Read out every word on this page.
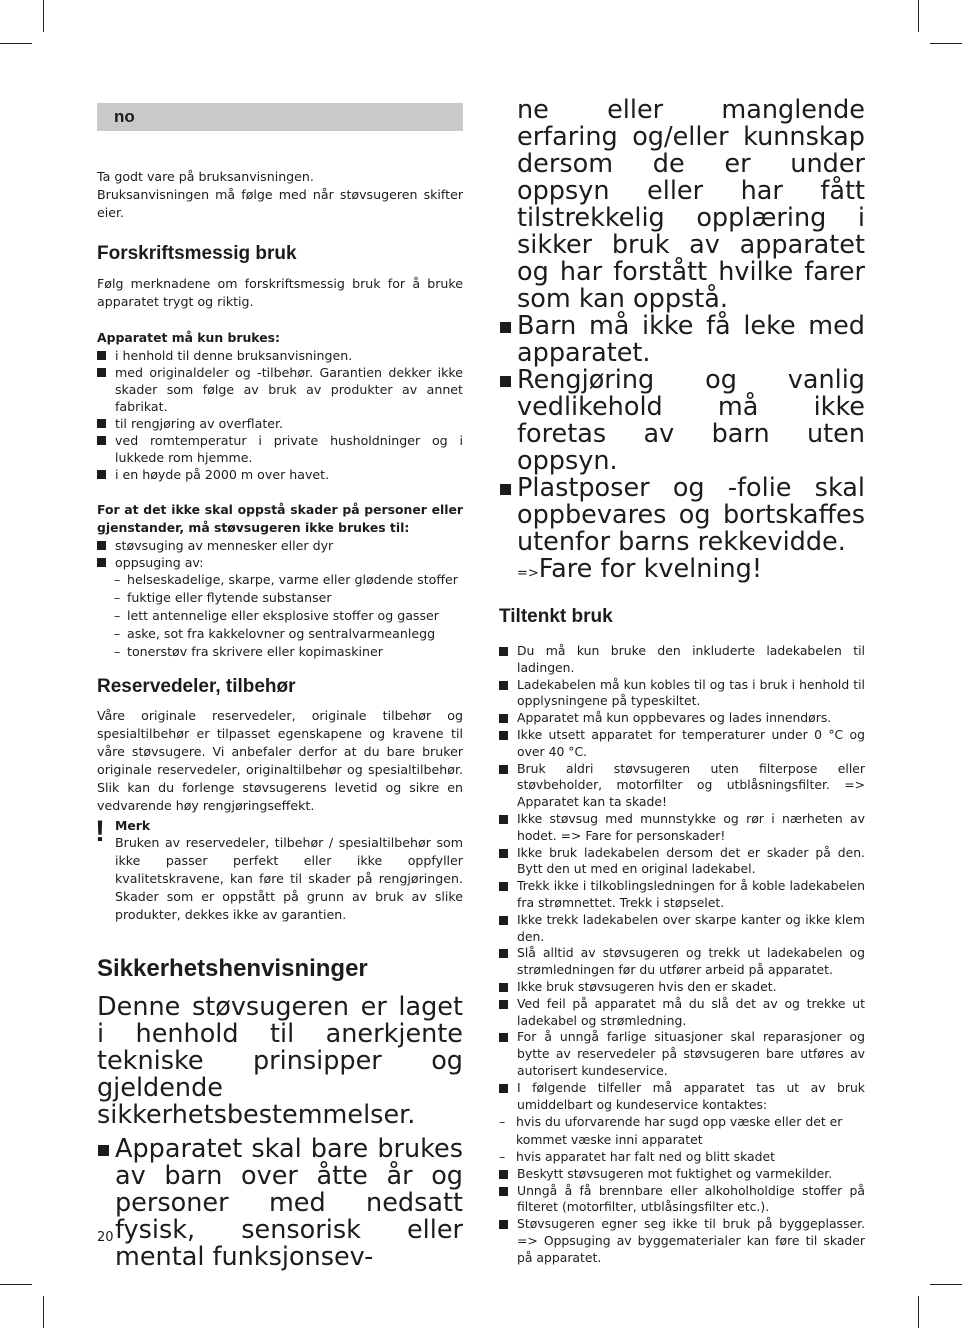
no

Ta godt vare på bruksanvisningen.

Bruksanvisningen må følge med når støvsugeren skifter eier.

Forskriftsmessig bruk

Følg merknadene om forskriftsmessig bruk for å bruke apparatet trygt og riktig.

Apparatet må kun brukes:

i henhold til denne bruksanvisningen.
med originaldeler og -tilbehør. Garantien dekker ikke skader som følge av bruk av produkter av annet fabrikat.
til rengjøring av overflater.
ved romtemperatur i private husholdninger og i lukkede rom hjemme.
i en høyde på 2000 m over havet.

For at det ikke skal oppstå skader på personer eller gjenstander, må støvsugeren ikke brukes til:

støvsuging av mennesker eller dyr
oppsuging av:
– helseskadelige, skarpe, varme eller glødende stoffer
– fuktige eller flytende substanser
– lett antennelige eller eksplosive stoffer og gasser
– aske, sot fra kakkelovner og sentralvarmeanlegg
– tonerstøv fra skrivere eller kopimaskiner
Reservedeler, tilbehør

Våre originale reservedeler, originale tilbehør og spesialtilbehør er tilpasset egenskapene og kravene til våre støvsugere. Vi anbefaler derfor at du bare bruker originale reservedeler, originaltilbehør og spesialtilbehør. Slik kan du forlenge støvsugerens levetid og sikre en vedvarende høy rengjøringseffekt.

! Merk

Bruken av reservedeler, tilbehør / spesialtilbehør som ikke passer perfekt eller ikke oppfyller kvalitetskravene, kan føre til skader på rengjøringen. Skader som er oppstått på grunn av bruk av slike produkter, dekkes ikke av garantien.

Sikkerhetshenvisninger

Denne støvsugeren er laget i henhold til anerkjente tekniske prinsipper og gjeldende sikkerhetsbestemmelser.

Apparatet skal bare brukes av barn over åtte år og personer med nedsatt fysisk, sensorisk eller mental funksjonsev-
20

ne eller manglende erfaring og/eller kunnskap dersom de er under oppsyn eller har fått tilstrekkelig opplæring i sikker bruk av apparatet og har forstått hvilke farer som kan oppstå.

Barn må ikke få leke med apparatet.
Rengjøring og vanlig vedlikehold må ikke foretas av barn uten oppsyn.
Plastposer og -folie skal oppbevares og bortskaffes utenfor barns rekkevidde.

=>Fare for kvelning!

Tiltenkt bruk
Du må kun bruke den inkluderte ladekabelen til ladingen.
Ladekabelen må kun kobles til og tas i bruk i henhold til opplysningene på typeskiltet.
Apparatet må kun oppbevares og lades innendørs.
Ikke utsett apparatet for temperaturer under 0 °C og over 40 °C.
Bruk aldri støvsugeren uten filterpose eller støvbeholder, motorfilter og utblåsningsfilter. => Apparatet kan ta skade!
Ikke støvsug med munnstykke og rør i nærheten av hodet. => Fare for personskader!
Ikke bruk ladekabelen dersom det er skader på den. Bytt den ut med en original ladekabel.
Trekk ikke i tilkoblingsledningen for å koble ladekabelen fra strømnettet. Trekk i støpselet.
Ikke trekk ladekabelen over skarpe kanter og ikke klem den.
Slå alltid av støvsugeren og trekk ut ladekabelen og strømledningen før du utfører arbeid på apparatet.
Ikke bruk støvsugeren hvis den er skadet.
Ved feil på apparatet må du slå det av og trekke ut ladekabel og strømledning.
For å unngå farlige situasjoner skal reparasjoner og bytte av reservedeler på støvsugeren bare utføres av autorisert kundeservice.
I følgende tilfeller må apparatet tas ut av bruk umiddelbart og kundeservice kontaktes:
– hvis du uforvarende har sugd opp væske eller det er kommet væske inni apparatet
– hvis apparatet har falt ned og blitt skadet
Beskytt støvsugeren mot fuktighet og varmekilder.
Unngå å få brennbare eller alkoholholdige stoffer på filteret (motorfilter, utblåsingsfilter etc.).
Støvsugeren egner seg ikke til bruk på byggeplasser. => Oppsuging av byggematerialer kan føre til skader på apparatet.
